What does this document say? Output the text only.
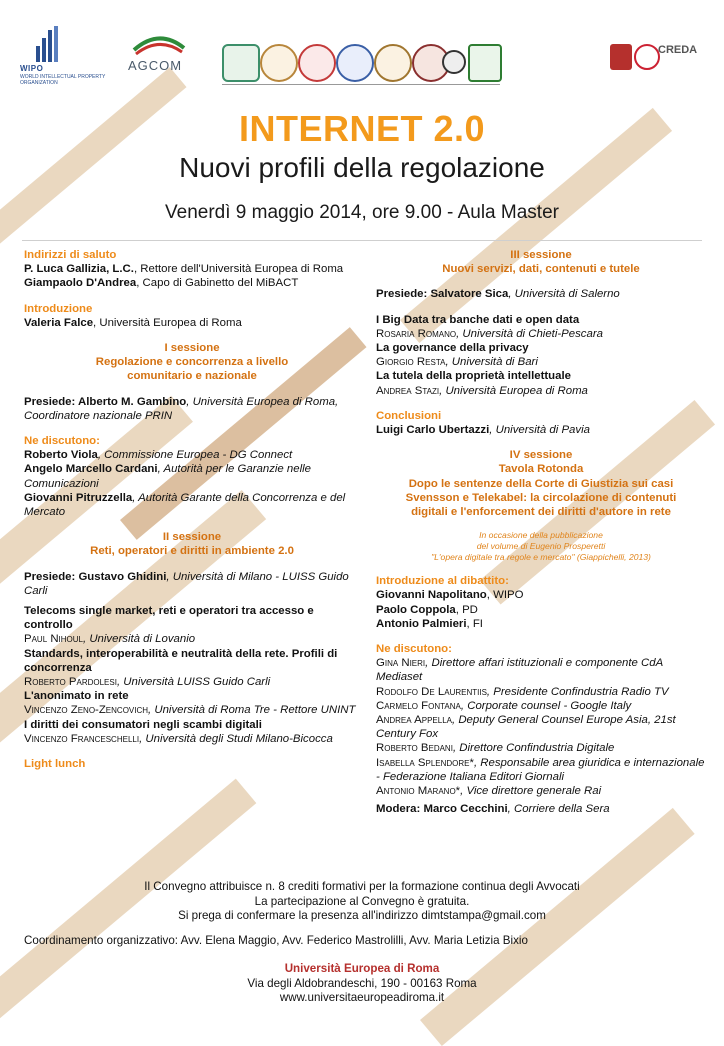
WIPO
WORLD INTELLECTUAL PROPERTY ORGANIZATION
AGCOM
CREDA
INTERNET 2.0
Nuovi profili della regolazione
Venerdì 9 maggio 2014, ore 9.00 - Aula Master
Indirizzi di saluto
P. Luca Gallizia, L.C., Rettore dell'Università Europea di Roma
Giampaolo D'Andrea, Capo di Gabinetto del MiBACT
Introduzione
Valeria Falce, Università Europea di Roma
I sessione
Regolazione e concorrenza a livello comunitario e nazionale
Presiede: Alberto M. Gambino, Università Europea di Roma, Coordinatore nazionale PRIN
Ne discutono:
Roberto Viola, Commissione Europea - DG Connect
Angelo Marcello Cardani, Autorità per le Garanzie nelle Comunicazioni
Giovanni Pitruzzella, Autorità Garante della Concorrenza e del Mercato
II sessione
Reti, operatori e diritti in ambiente 2.0
Presiede: Gustavo Ghidini, Università di Milano - LUISS Guido Carli
Telecoms single market, reti e operatori tra accesso e controllo
Paul Nihoul, Università di Lovanio
Standards, interoperabilità e neutralità della rete. Profili di concorrenza
Roberto Pardolesi, Università LUISS Guido Carli
L'anonimato in rete
Vincenzo Zeno-Zencovich, Università di Roma Tre - Rettore UNINT
I diritti dei consumatori negli scambi digitali
Vincenzo Franceschelli, Università degli Studi Milano-Bicocca
Light lunch
III sessione
Nuovi servizi, dati, contenuti e tutele
Presiede: Salvatore Sica, Università di Salerno
I Big Data tra banche dati e open data
Rosaria Romano, Università di Chieti-Pescara
La governance della privacy
Giorgio Resta, Università di Bari
La tutela della proprietà intellettuale
Andrea Stazi, Università Europea di Roma
Conclusioni
Luigi Carlo Ubertazzi, Università di Pavia
IV sessione
Tavola Rotonda
Dopo le sentenze della Corte di Giustizia sui casi Svensson e Telekabel: la circolazione di contenuti digitali e l'enforcement dei diritti d'autore in rete
In occasione della pubblicazione
del volume di Eugenio Prosperetti
"L'opera digitale tra regole e mercato" (Giappichelli, 2013)
Introduzione al dibattito:
Giovanni Napolitano, WIPO
Paolo Coppola, PD
Antonio Palmieri, FI
Ne discutono:
Gina Nieri, Direttore affari istituzionali e componente CdA Mediaset
Rodolfo De Laurentiis, Presidente Confindustria Radio TV
Carmelo Fontana, Corporate counsel - Google Italy
Andrea Appella, Deputy General Counsel Europe Asia, 21st Century Fox
Roberto Bedani, Direttore Confindustria Digitale
Isabella Splendore*, Responsabile area giuridica e internazionale - Federazione Italiana Editori Giornali
Antonio Marano*, Vice direttore generale Rai
Modera: Marco Cecchini, Corriere della Sera
Il Convegno attribuisce n. 8 crediti formativi per la formazione continua degli Avvocati
La partecipazione al Convegno è gratuita.
Si prega di confermare la presenza all'indirizzo dimtstampa@gmail.com
Coordinamento organizzativo: Avv. Elena Maggio, Avv. Federico Mastrolilli, Avv. Maria Letizia Bixio
Università Europea di Roma
Via degli Aldobrandeschi, 190 - 00163 Roma
www.universitaeuropeadiroma.it
